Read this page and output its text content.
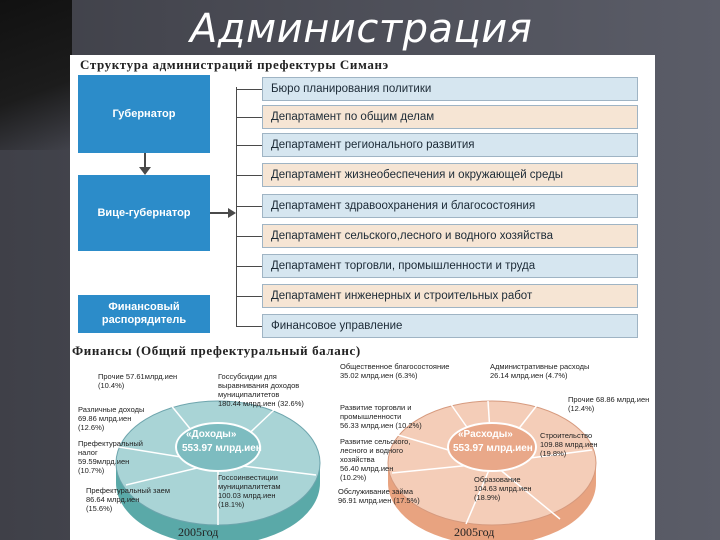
Администрация
Структура администраций префектуры Симанэ
Губернатор
Вице-губернатор
Финансовый распорядитель
Бюро планирования политики
Департамент по общим делам
Департамент регионального развития
Департамент жизнеобеспечения и окружающей среды
Департамент здравоохранения и благосостояния
Департамент сельского,лесного и водного хозяйства
Департамент торговли, промышленности и труда
Департамент инженерных и строительных работ
Финансовое управление
Финансы (Общий префектуральный баланс)
«Доходы»
553.97 млрд.иен
«Расходы»
553.97 млрд.иен
Прочие 57.61млрд.иен
(10.4%)
Госсубсидии для
выравнивания доходов
муниципалитетов
180.44 млрд.иен (32.6%)
Различные доходы
69.86 млрд.иен
(12.6%)
Префектуральный
налог
59.59млрд.иен
(10.7%)
Префектуральный заем
86.64 млрд.иен
(15.6%)
Госсоинвестиции
муниципалитетам
100.03 млрд.иен
(18.1%)
Общественное благосостояние
35.02 млрд.иен (6.3%)
Административные расходы
26.14 млрд.иен (4.7%)
Прочие 68.86 млрд.иен
(12.4%)
Развитие торговли и
промышленности
56.33 млрд.иен (10.2%)
Развитие сельского,
лесного и водного
хозяйства
56.40 млрд.иен
(10.2%)
Строительство
109.88 млрд.иен
(19.8%)
Образование
104.63 млрд.иен
(18.9%)
Обслуживание займа
96.91 млрд.иен (17.5%)
2005год	2005год
